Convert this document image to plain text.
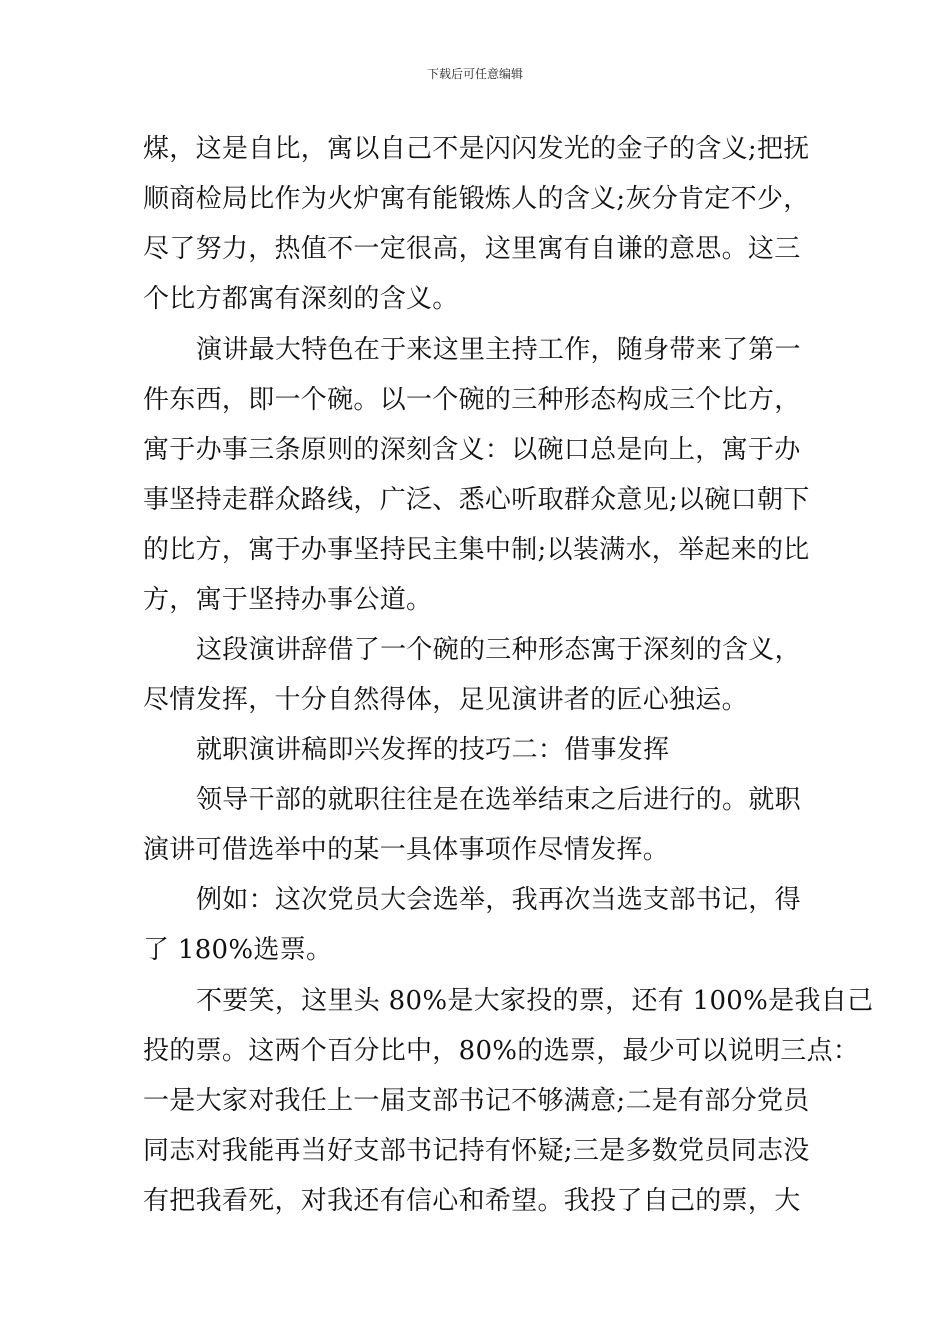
下载后可任意编辑
煤，这是自比，寓以自己不是闪闪发光的金子的含义;把抚
顺商检局比作为火炉寓有能锻炼人的含义;灰分肯定不少，
尽了努力，热值不一定很高，这里寓有自谦的意思。这三
个比方都寓有深刻的含义。
演讲最大特色在于来这里主持工作，随身带来了第一
件东西，即一个碗。以一个碗的三种形态构成三个比方，
寓于办事三条原则的深刻含义：以碗口总是向上，寓于办
事坚持走群众路线，广泛、悉心听取群众意见;以碗口朝下
的比方，寓于办事坚持民主集中制;以装满水，举起来的比
方，寓于坚持办事公道。
这段演讲辞借了一个碗的三种形态寓于深刻的含义，
尽情发挥，十分自然得体，足见演讲者的匠心独运。
就职演讲稿即兴发挥的技巧二：借事发挥
领导干部的就职往往是在选举结束之后进行的。就职
演讲可借选举中的某一具体事项作尽情发挥。
例如：这次党员大会选举，我再次当选支部书记，得
了 180%选票。
不要笑，这里头 80%是大家投的票，还有 100%是我自己
投的票。这两个百分比中，80%的选票，最少可以说明三点：
一是大家对我任上一届支部书记不够满意;二是有部分党员
同志对我能再当好支部书记持有怀疑;三是多数党员同志没
有把我看死，对我还有信心和希望。我投了自己的票，大
